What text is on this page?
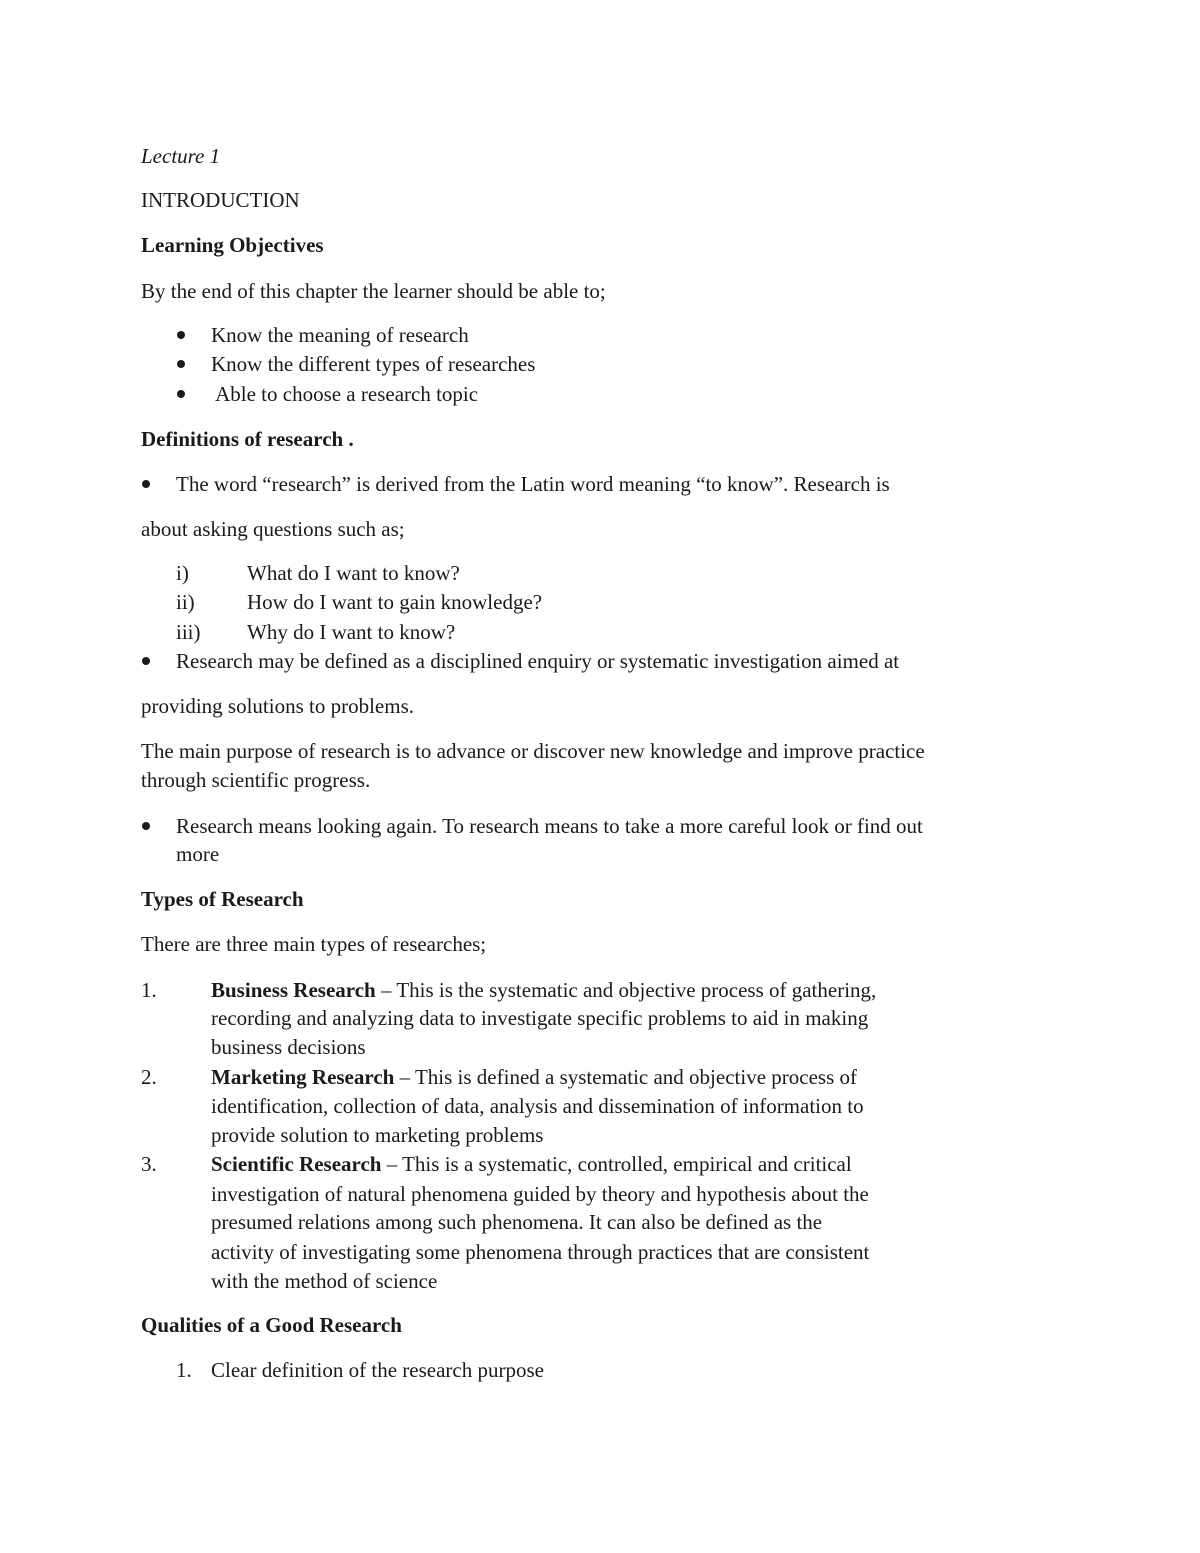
Lecture 1
INTRODUCTION
Learning Objectives
By the end of this chapter the learner should be able to;
Know the meaning of research
Know the different types of researches
Able to choose a research topic
Definitions of research .
The word “research” is derived from the Latin word meaning “to know”. Research is
about asking questions such as;
i)	What do I want to know?
ii) How do I want to gain knowledge?
iii) Why do I want to know?
Research may be defined as a disciplined enquiry or systematic investigation aimed at
providing solutions to problems.
The main purpose of research is to advance or discover new knowledge and improve practice
through scientific progress.
Research means looking again. To research means to take a more careful look or find out
more
Types of Research
There are three main types of researches;
1.	Business Research – This is the systematic and objective process of gathering,
recording and analyzing data to investigate specific problems to aid in making
business decisions
2.	Marketing Research – This is defined a systematic and objective process of
identification, collection of data, analysis and dissemination of information to
provide solution to marketing problems
3.	Scientific Research – This is a systematic, controlled, empirical and critical
investigation of natural phenomena guided by theory and hypothesis about the
presumed relations among such phenomena. It can also be defined as the
activity of investigating some phenomena through practices that are consistent
with the method of science
Qualities of a Good Research
1. Clear definition of the research purpose
